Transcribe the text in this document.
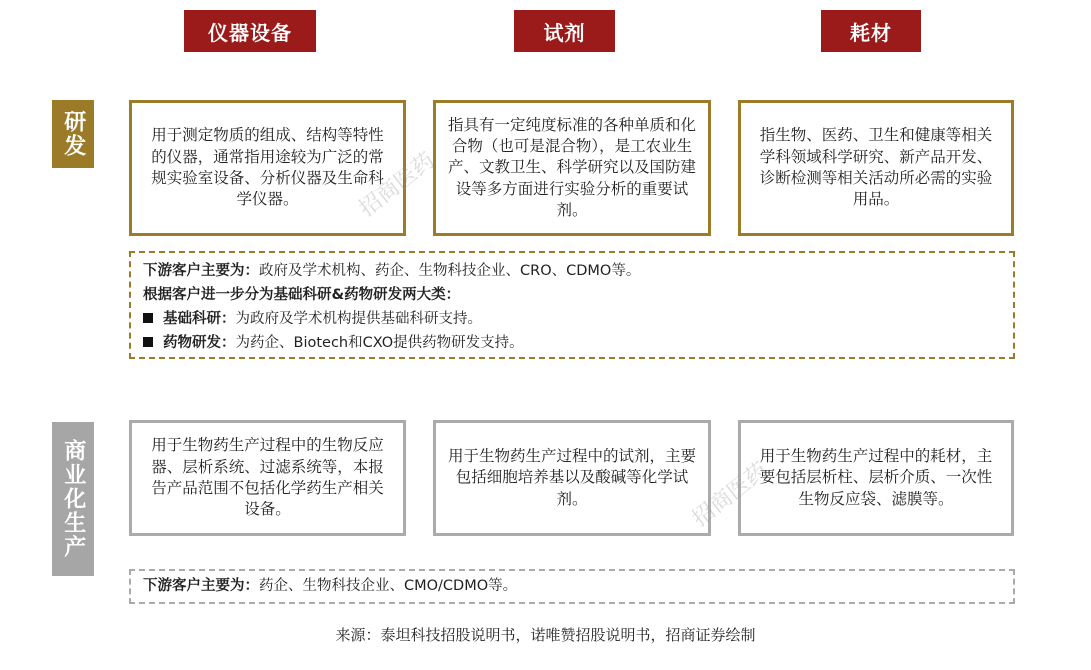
仪器设备	试剂	耗材
研发
商业化生产
用于测定物质的组成、结构等特性的仪器，通常指用途较为广泛的常规实验室设备、分析仪器及生命科学仪器。
指具有一定纯度标准的各种单质和化合物（也可是混合物），是工农业生产、文教卫生、科学研究以及国防建设等多方面进行实验分析的重要试剂。
指生物、医药、卫生和健康等相关学科领域科学研究、新产品开发、诊断检测等相关活动所必需的实验用品。
下游客户主要为：政府及学术机构、药企、生物科技企业、CRO、CDMO等。
根据客户进一步分为基础科研&药物研发两大类：
基础科研：为政府及学术机构提供基础科研支持。
药物研发：为药企、Biotech和CXO提供药物研发支持。
用于生物药生产过程中的生物反应器、层析系统、过滤系统等，本报告产品范围不包括化学药生产相关设备。
用于生物药生产过程中的试剂，主要包括细胞培养基以及酸碱等化学试剂。
用于生物药生产过程中的耗材，主要包括层析柱、层析介质、一次性生物反应袋、滤膜等。
下游客户主要为：药企、生物科技企业、CMO/CDMO等。
招商医药
招商医药
来源：泰坦科技招股说明书，诺唯赞招股说明书，招商证券绘制
